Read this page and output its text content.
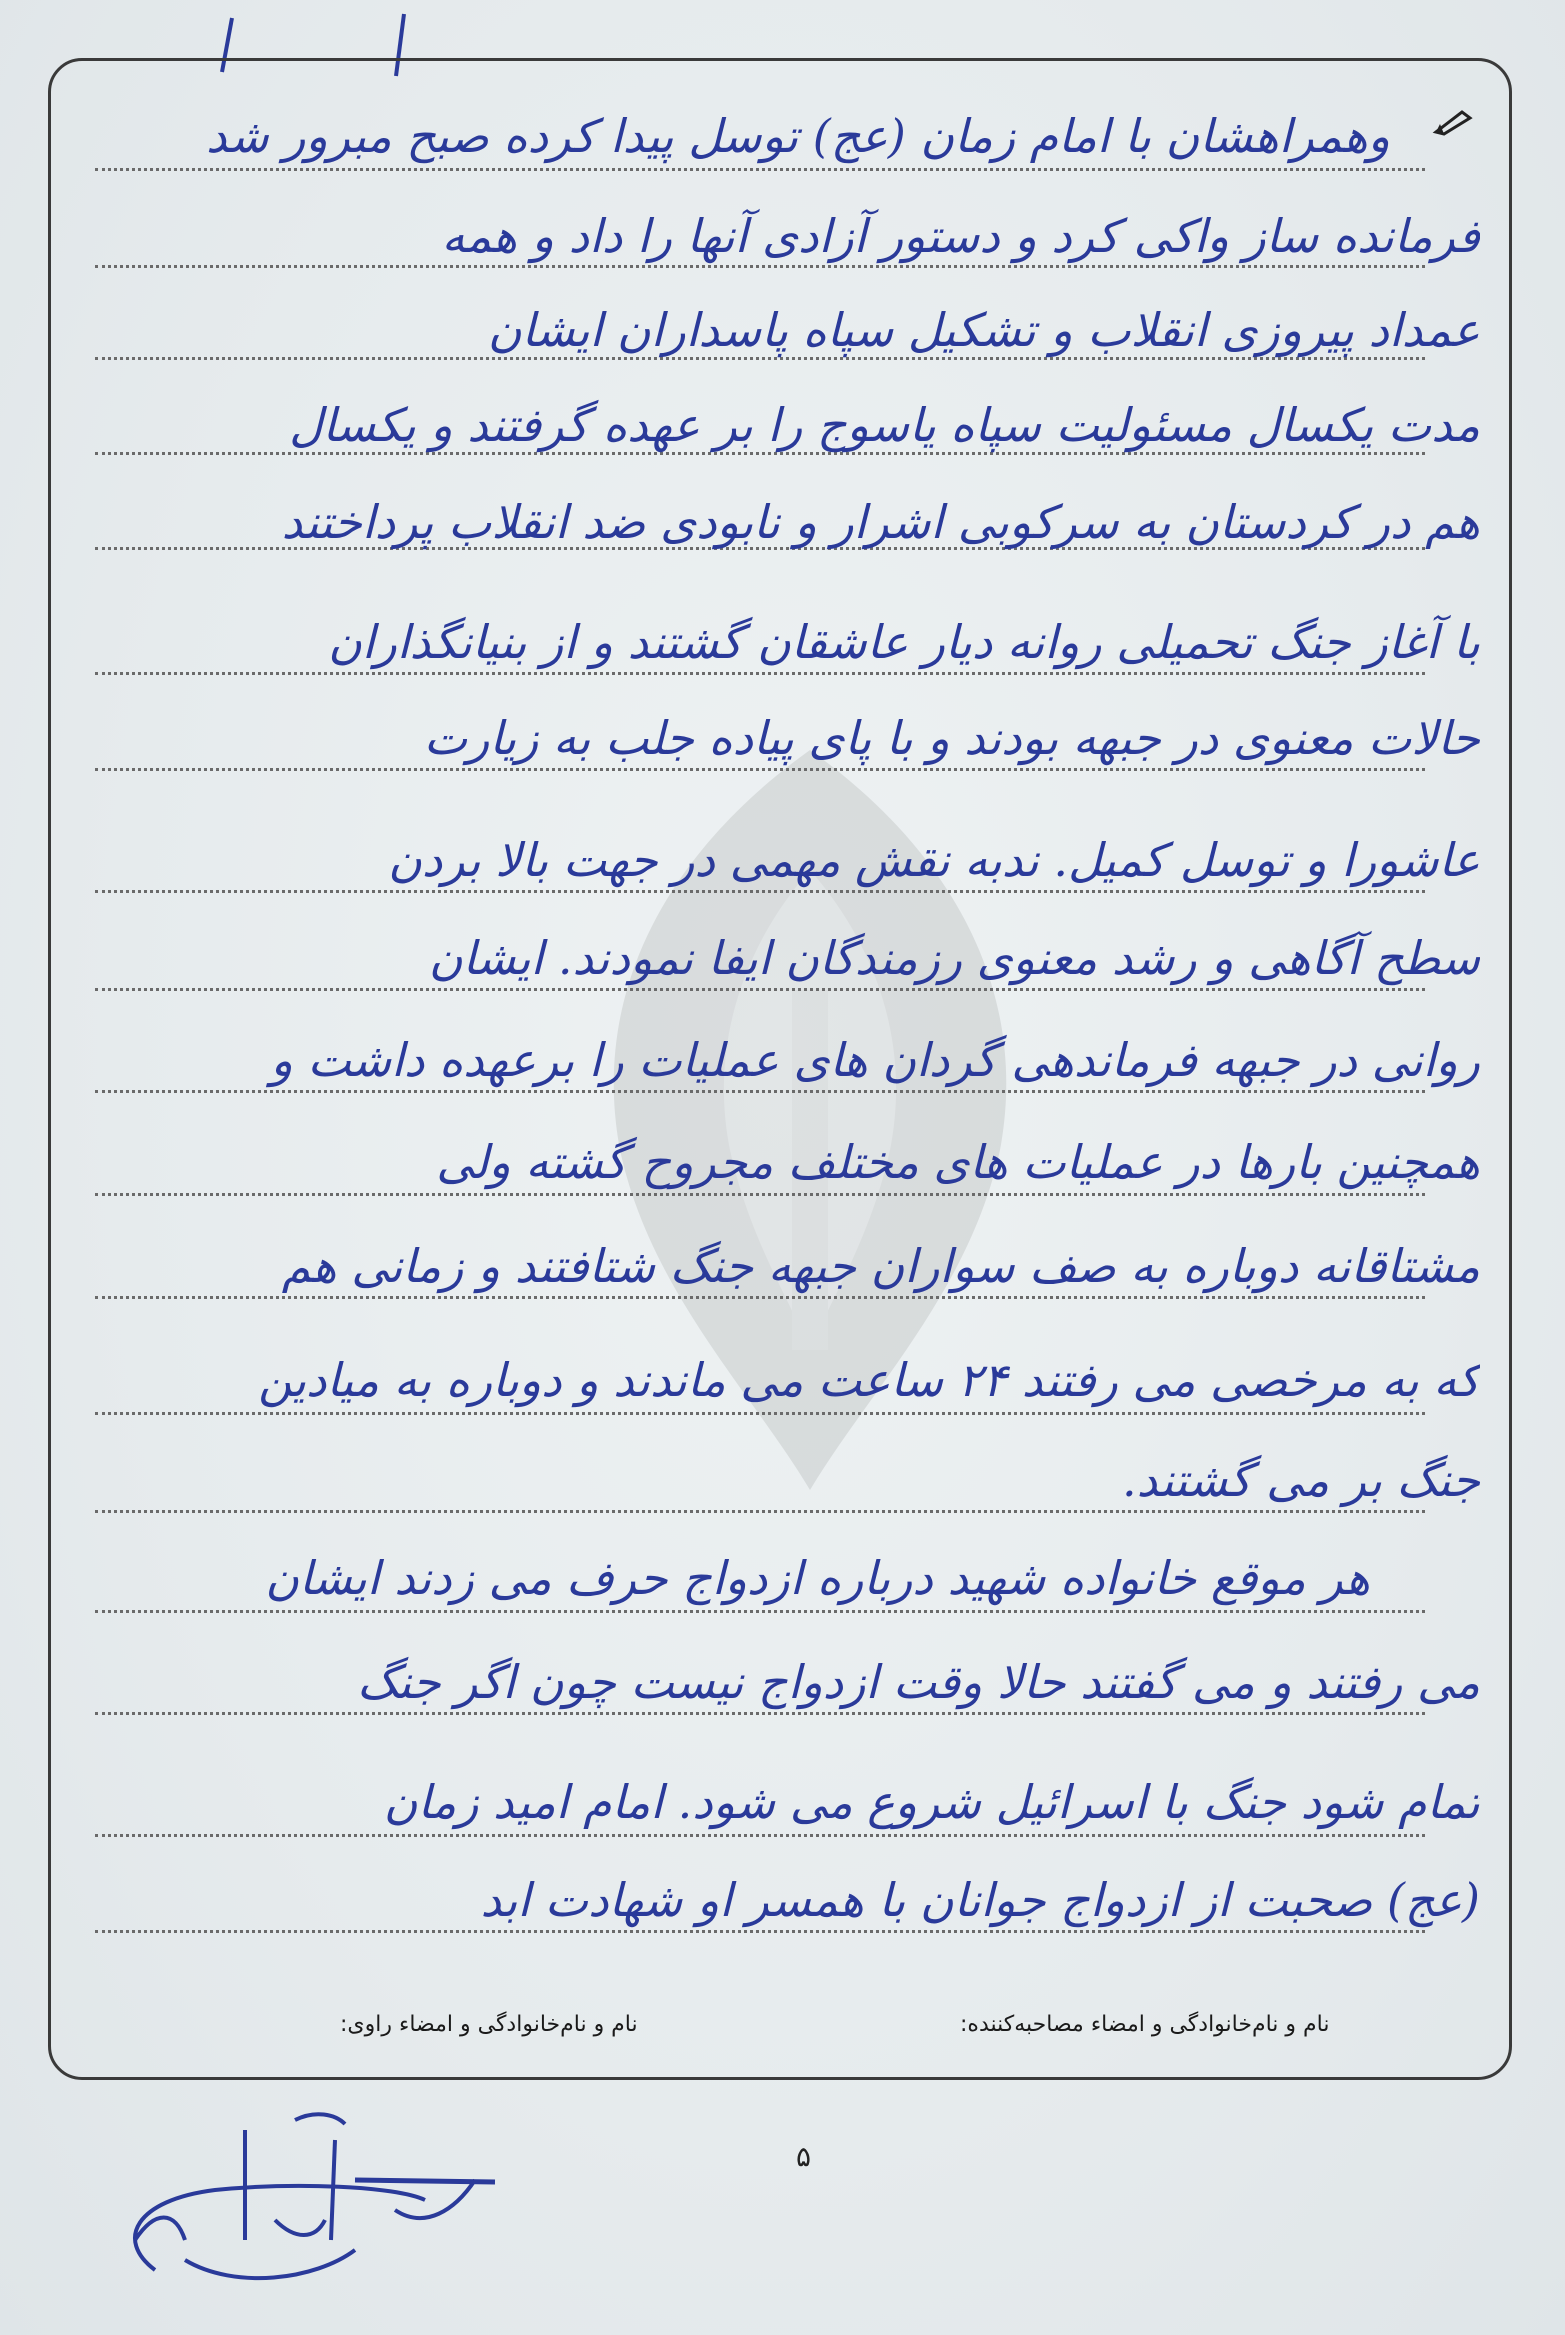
وهمراهشان با امام زمان (عج) توسل پیدا کرده صبح مبرور شد
فرمانده ساز واکی کرد و دستور آزادی آنها را داد و همه
عمداد پیروزی انقلاب و تشکیل سپاه پاسداران ایشان
مدت یکسال مسئولیت سپاه یاسوج را بر عهده گرفتند و یکسال
هم در کردستان به سرکوبی اشرار و نابودی ضد انقلاب پرداختند
با آغاز جنگ تحمیلی روانه دیار عاشقان گشتند و از بنیانگذاران
حالات معنوی در جبهه بودند و با پای پیاده جلب به زیارت
عاشورا و توسل کمیل. ندبه نقش مهمی در جهت بالا بردن
سطح آگاهی و رشد معنوی رزمندگان ایفا نمودند. ایشان
روانی در جبهه فرماندهی گردان های عملیات را برعهده داشت و
همچنین بارها در عملیات های مختلف مجروح گشته ولی
مشتاقانه دوباره به صف سواران جبهه جنگ شتافتند و زمانی هم
که به مرخصی می رفتند ۲۴ ساعت می ماندند و دوباره به میادین
جنگ بر می گشتند.
هر موقع خانواده شهید درباره ازدواج حرف می زدند ایشان
می رفتند و می گفتند حالا وقت ازدواج نیست چون اگر جنگ
تمام شود جنگ با اسرائیل شروع می شود. امام امید زمان
(عج) صحبت از ازدواج جوانان با همسر او شهادت ابد
نام و نام‌خانوادگی و امضاء مصاحبه‌کننده:
نام و نام‌خانوادگی و امضاء راوی:
۵
